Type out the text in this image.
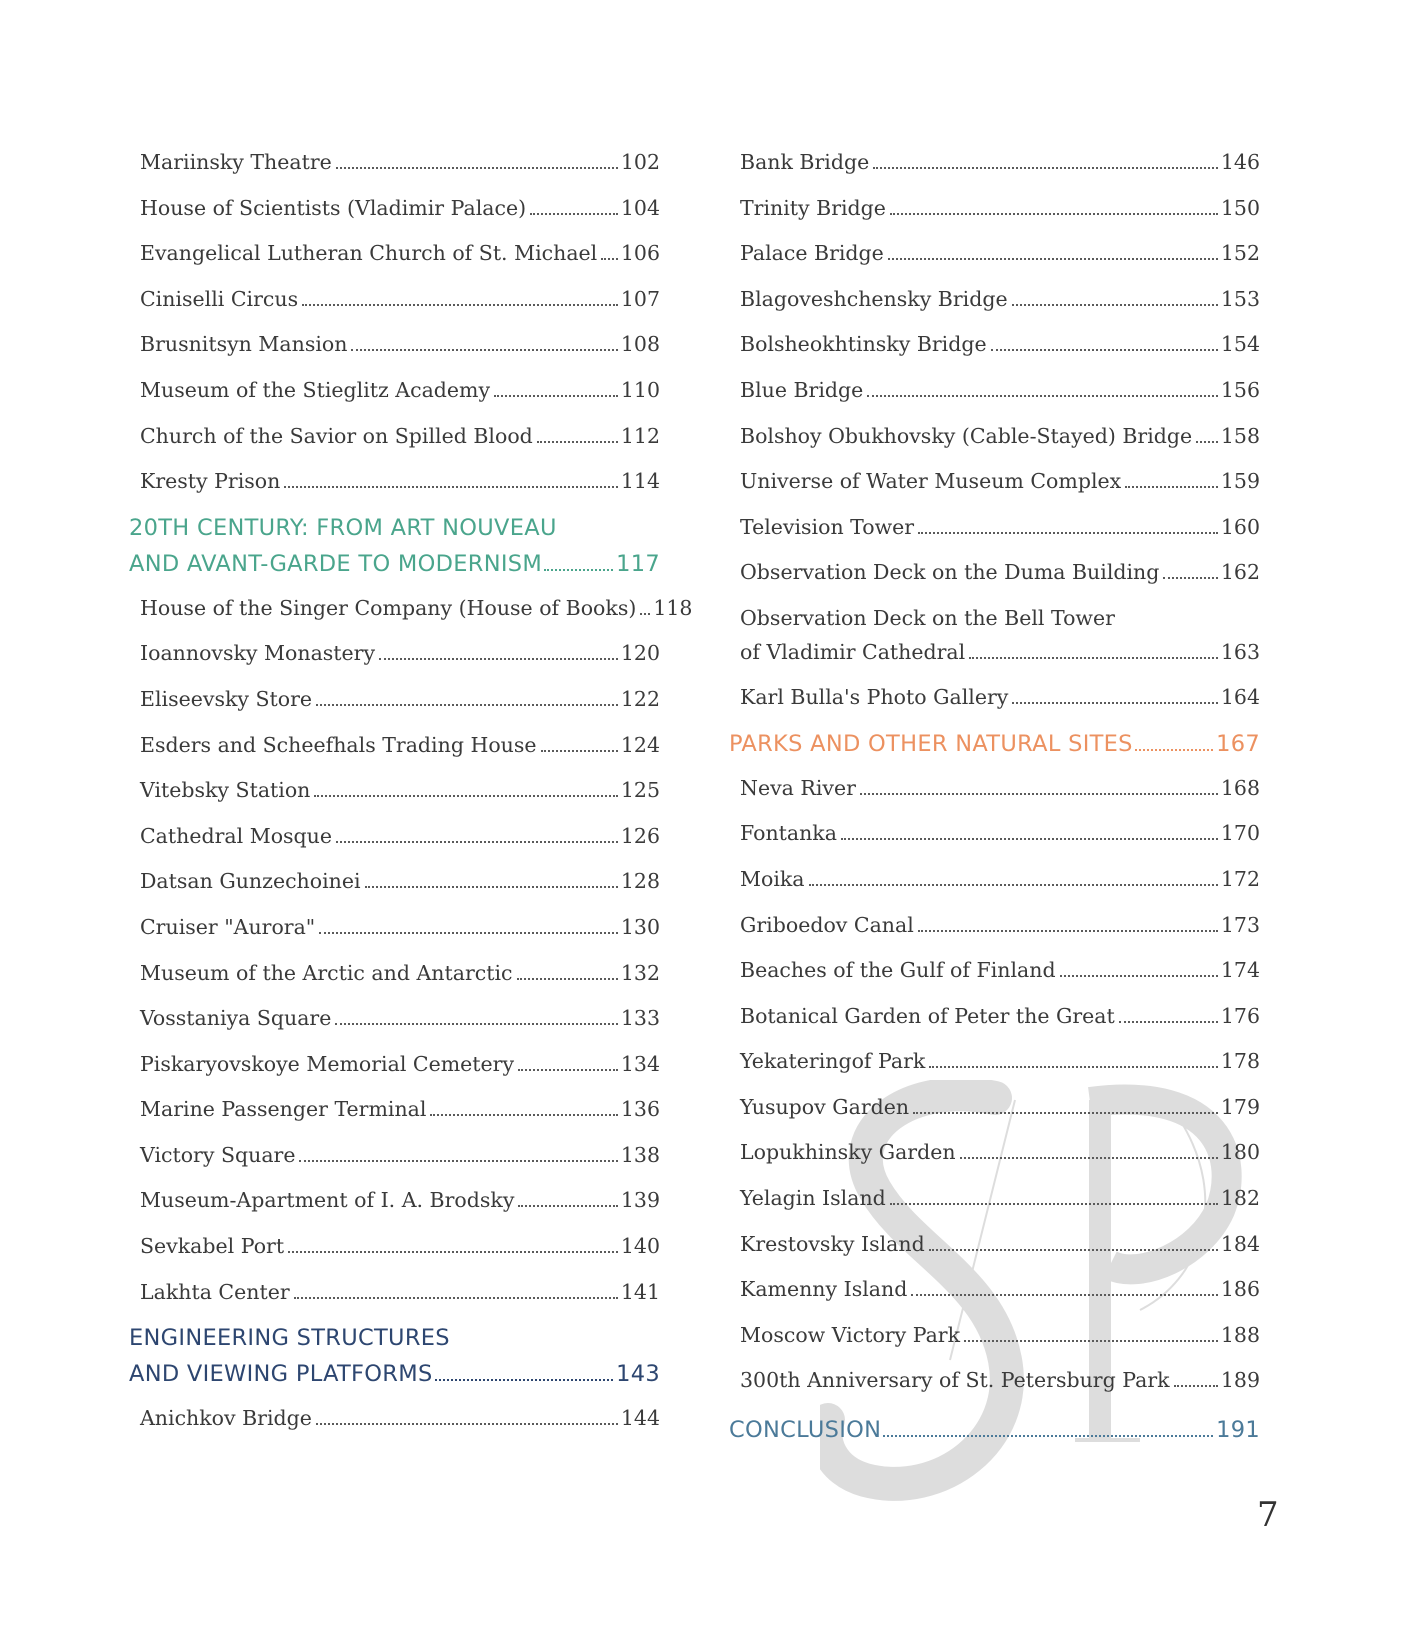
Mariinsky Theatre	102
House of Scientists (Vladimir Palace)	104
Evangelical Lutheran Church of St. Michael 106
Ciniselli Circus	107
Brusnitsyn Mansion	108
Museum of the Stieglitz Academy	110
Church of the Savior on Spilled Blood	112
Kresty Prison	114
20TH CENTURY: FROM ART NOUVEAU
AND AVANT-GARDE TO MODERNISM	117
House of the Singer Company (House of Books) 118
Ioannovsky Monastery	120
Eliseevsky Store	122
Esders and Scheefhals Trading House	124
Vitebsky Station	125
Cathedral Mosque	126
Datsan Gunzechoinei	128
Cruiser "Aurora"	130
Museum of the Arctic and Antarctic	132
Vosstaniya Square	133
Piskaryovskoye Memorial Cemetery	134
Marine Passenger Terminal	136
Victory Square	138
Museum-Apartment of I. A. Brodsky	139
Sevkabel Port	140
Lakhta Center	141
ENGINEERING STRUCTURES
AND VIEWING PLATFORMS	143
Anichkov Bridge	144
Bank Bridge	146
Trinity Bridge	150
Palace Bridge	152
Blagoveshchensky Bridge	153
Bolsheokhtinsky Bridge	154
Blue Bridge	156
Bolshoy Obukhovsky (Cable-Stayed) Bridge 158
Universe of Water Museum Complex	159
Television Tower	160
Observation Deck on the Duma Building	162
Observation Deck on the Bell Tower
of Vladimir Cathedral	163
Karl Bulla's Photo Gallery	164
PARKS AND OTHER NATURAL SITES	167
Neva River	168
Fontanka	170
Moika	172
Griboedov Canal	173
Beaches of the Gulf of Finland	174
Botanical Garden of Peter the Great	176
Yekateringof Park	178
Yusupov Garden	179
Lopukhinsky Garden	180
Yelagin Island	182
Krestovsky Island	184
Kamenny Island	186
Moscow Victory Park	188
300th Anniversary of St. Petersburg Park	189
CONCLUSION	191
7
